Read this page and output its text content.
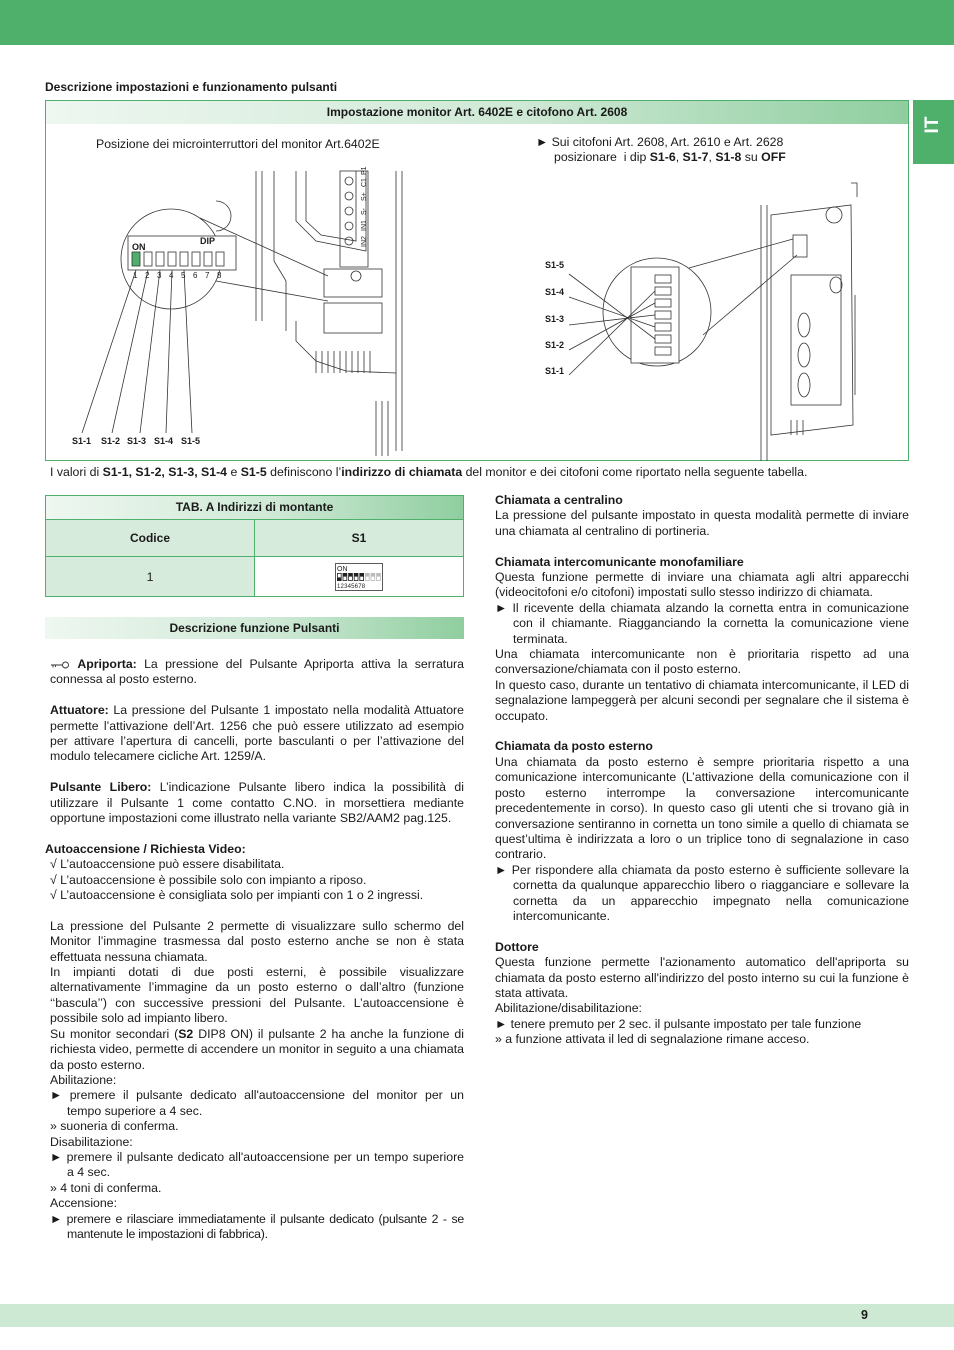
IT
Descrizione impostazioni e funzionamento pulsanti
Impostazione monitor Art. 6402E e citofono Art. 2608
Posizione dei microinterruttori del monitor Art.6402E	► Sui citofoni Art. 2608, Art. 2610 e Art. 2628
posizionare  i dip S1-6, S1-7, S1-8 su OFF
ON
DIP
1 2 3 4 5 6 7 8
IN2
IN1
S-
S+
C1
P1
S1-1 S1-2 S1-3 S1-4 S1-5
S1-5
S1-4
S1-3
S1-2
S1-1
I valori di S1-1, S1-2, S1-3, S1-4 e S1-5 definiscono l’indirizzo di chiamata del monitor e dei citofoni come riportato nella seguente tabella.
TAB. A Indirizzi di montante
Codice	S1
1
ON
12345678
Descrizione funzione Pulsanti

Apriporta: La pressione del Pulsante Apriporta attiva la serratura connessa al posto esterno.

Attuatore: La pressione del Pulsante 1 impostato nella modalità Attuatore permette l’attivazione dell’Art. 1256 che può essere utilizzato ad esempio per attivare l’apertura di cancelli, porte basculanti o per l’attivazione del modulo telecamere cicliche Art. 1259/A.

Pulsante Libero: L’indicazione Pulsante libero indica la possibilità di utilizzare il Pulsante 1 come contatto C.NO. in morsettiera mediante opportune impostazioni come illustrato nella variante SB2/AAM2 pag.125.

Autoaccensione / Richiesta Video:

√ L’autoaccensione può essere disabilitata.

√ L’autoaccensione è possibile solo con impianto a riposo.

√ L’autoaccensione è consigliata solo per impianti con 1 o 2 ingressi.

La pressione del Pulsante 2 permette di visualizzare sullo schermo del Monitor l’immagine trasmessa dal posto esterno anche se non è stata effettuata nessuna chiamata.

In impianti dotati di due posti esterni, è possibile visualizzare alternativamente l’immagine da un posto esterno o dall’altro (funzione ‘‘bascula’’) con successive pressioni del Pulsante. L’autoaccensione è possibile solo ad impianto libero.

Su monitor secondari (S2 DIP8 ON) il pulsante 2 ha anche la funzione di richiesta video, permette di accendere un monitor in seguito a una chiamata da posto esterno.

Abilitazione:

► premere il pulsante dedicato all'autoaccensione del monitor per un tempo superiore a 4 sec.

» suoneria di conferma.

Disabilitazione:

► premere il pulsante dedicato all'autoaccensione per un tempo superiore a 4 sec.

» 4 toni di conferma.

Accensione:

► premere e rilasciare immediatamente il pulsante dedicato (pulsante 2 - se mantenute le impostazioni di fabbrica).

Chiamata a centralino

La pressione del pulsante impostato in questa modalità permette di inviare una chiamata al centralino di portineria.

Chiamata intercomunicante monofamiliare

Questa funzione permette di inviare una chiamata agli altri apparecchi (videocitofoni e/o citofoni) impostati sullo stesso indirizzo di chiamata.

► Il ricevente della chiamata alzando la cornetta entra in comunicazione con il chiamante. Riagganciando la cornetta la comunicazione viene terminata.

Una chiamata intercomunicante non è prioritaria rispetto ad una conversazione/chiamata con il posto esterno.

In questo caso, durante un tentativo di chiamata intercomunicante, il LED di segnalazione lampeggerà per alcuni secondi per segnalare che il sistema è occupato.

Chiamata da posto esterno

Una chiamata da posto esterno è sempre prioritaria rispetto a una comunicazione intercomunicante (L’attivazione della comunicazione con il posto esterno interrompe la conversazione intercomunicante precedentemente in corso). In questo caso gli utenti che si trovano già in conversazione sentiranno in cornetta un tono simile a quello di chiamata se quest’ultima è indirizzata a loro o un triplice tono di segnalazione in caso contrario.

► Per rispondere alla chiamata da posto esterno è sufficiente sollevare la cornetta da qualunque apparecchio libero o riagganciare e sollevare la cornetta da un apparecchio impegnato nella comunicazione intercomunicante.

Dottore

Questa funzione permette l'azionamento automatico dell'apriporta su chiamata da posto esterno all'indirizzo del posto interno su cui la funzione è stata attivata.

Abilitazione/disabilitazione:

► tenere premuto per 2 sec. il pulsante impostato per tale funzione

» a funzione attivata il led di segnalazione rimane acceso.

9
